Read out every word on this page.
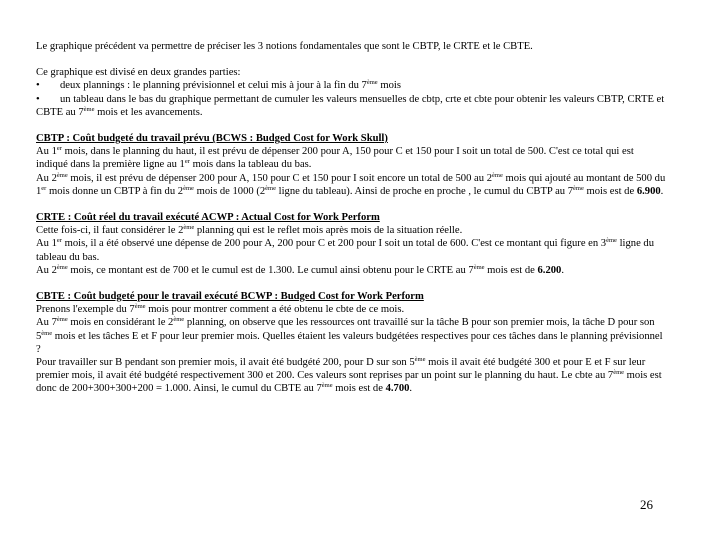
Le graphique précédent va permettre de préciser les 3 notions fondamentales que sont le CBTP, le CRTE et le CBTE.

Ce graphique est divisé en deux grandes parties:

•	deux plannings : le planning prévisionnel et celui mis à jour à la fin du 7ème mois
• un tableau dans le bas du graphique permettant de cumuler les valeurs mensuelles de cbtp, crte et cbte pour obtenir les valeurs CBTP, CRTE et CBTE au 7ème mois et les avancements.

CBTP : Coût budgeté du travail prévu (BCWS : Budged Cost for Work Skull)

Au 1er mois, dans le planning du haut, il est prévu de dépenser 200 pour A, 150 pour C et 150 pour I soit un total de 500. C'est ce total qui est indiqué dans la première ligne au 1er mois dans la tableau du bas.

Au 2ème mois, il est prévu de dépenser 200 pour A, 150 pour C et 150 pour I soit encore un total de 500 au 2ème mois qui ajouté au montant de 500 du 1er mois donne un CBTP à fin du 2ème mois de 1000 (2ème ligne du tableau). Ainsi de proche en proche , le cumul du CBTP au 7ème mois est de 6.900.

CRTE : Coût réel du travail exécuté ACWP : Actual Cost for Work Perform

Cette fois-ci, il faut considérer le 2ème planning qui est le reflet mois après mois de la situation réelle.

Au 1er mois, il a été observé une dépense de 200 pour A, 200 pour C et 200 pour I soit un total de 600. C'est ce montant qui figure en 3ème ligne du tableau du bas.

Au 2ème mois, ce montant est de 700 et le cumul est de 1.300. Le cumul ainsi obtenu pour le CRTE au 7ème mois est de 6.200.

CBTE : Coût budgeté pour le travail exécuté BCWP : Budged Cost for Work Perform

Prenons l'exemple du 7ème mois pour montrer comment a été obtenu le cbte de ce mois.

Au 7ème mois en considérant le 2ème planning, on observe que les ressources ont travaillé sur la tâche B pour son premier mois, la tâche D pour son 5ème mois et les tâches E et F pour leur premier mois. Quelles étaient les valeurs budgétées respectives pour ces tâches dans le planning prévisionnel ?

Pour travailler sur B pendant son premier mois, il avait été budgété 200, pour D sur son 5ème mois il avait été budgété 300 et pour E et F sur leur premier mois, il avait été budgété respectivement 300 et 200. Ces valeurs sont reprises par un point sur le planning du haut. Le cbte au 7ème mois est donc de 200+300+300+200 = 1.000. Ainsi, le cumul du CBTE au 7ème mois est de 4.700.

26
